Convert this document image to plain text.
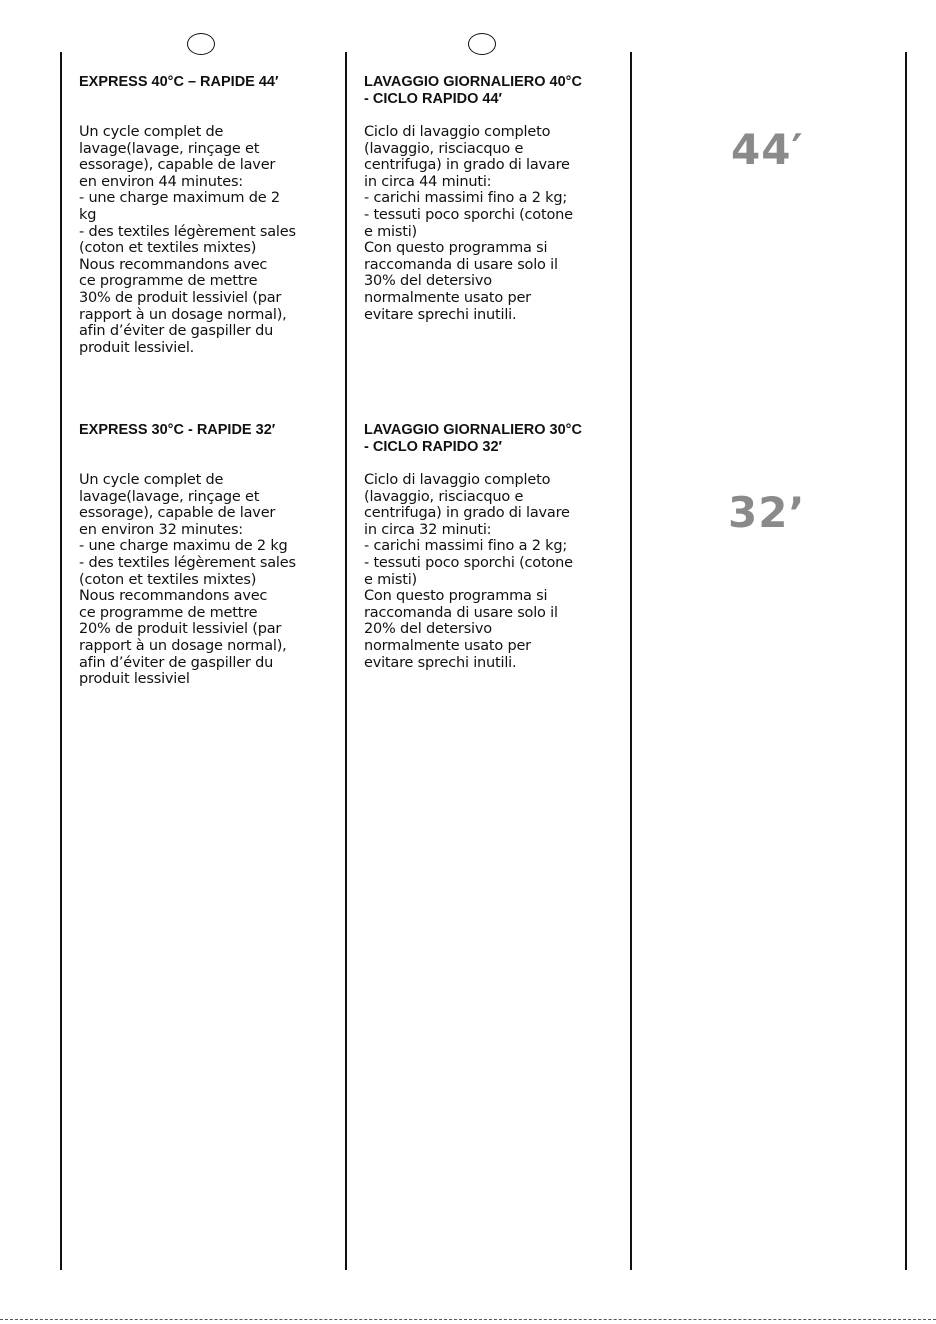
EXPRESS 40°C – RAPIDE 44′

Un cycle complet de
lavage(lavage, rinçage et
essorage), capable de laver
en environ 44 minutes:
- une charge maximum de 2
kg
- des textiles légèrement sales
(coton et textiles mixtes)
Nous recommandons avec
ce programme de mettre
30% de produit lessiviel (par
rapport à un dosage normal),
afin d’éviter de gaspiller du
produit lessiviel.

LAVAGGIO GIORNALIERO 40°C
- CICLO RAPIDO 44′

Ciclo di lavaggio completo
(lavaggio, risciacquo e
centrifuga) in grado di lavare
in circa 44 minuti:
- carichi massimi fino a 2 kg;
- tessuti poco sporchi (cotone
e misti)
Con questo programma si
raccomanda di usare solo il
30% del detersivo
normalmente usato per
evitare sprechi inutili.

44′

EXPRESS 30°C - RAPIDE 32′

Un cycle complet de
lavage(lavage, rinçage et
essorage), capable de laver
en environ 32 minutes:
- une charge maximu de 2 kg
- des textiles légèrement sales
(coton et textiles mixtes)
Nous recommandons avec
ce programme de mettre
20% de produit lessiviel (par
rapport à un dosage normal),
afin d’éviter de gaspiller du
produit lessiviel

LAVAGGIO GIORNALIERO 30°C
- CICLO RAPIDO 32′

Ciclo di lavaggio completo
(lavaggio, risciacquo e
centrifuga) in grado di lavare
in circa 32 minuti:
- carichi massimi fino a 2 kg;
- tessuti poco sporchi (cotone
e misti)
Con questo programma si
raccomanda di usare solo il
20% del detersivo
normalmente usato per
evitare sprechi inutili.

32’
